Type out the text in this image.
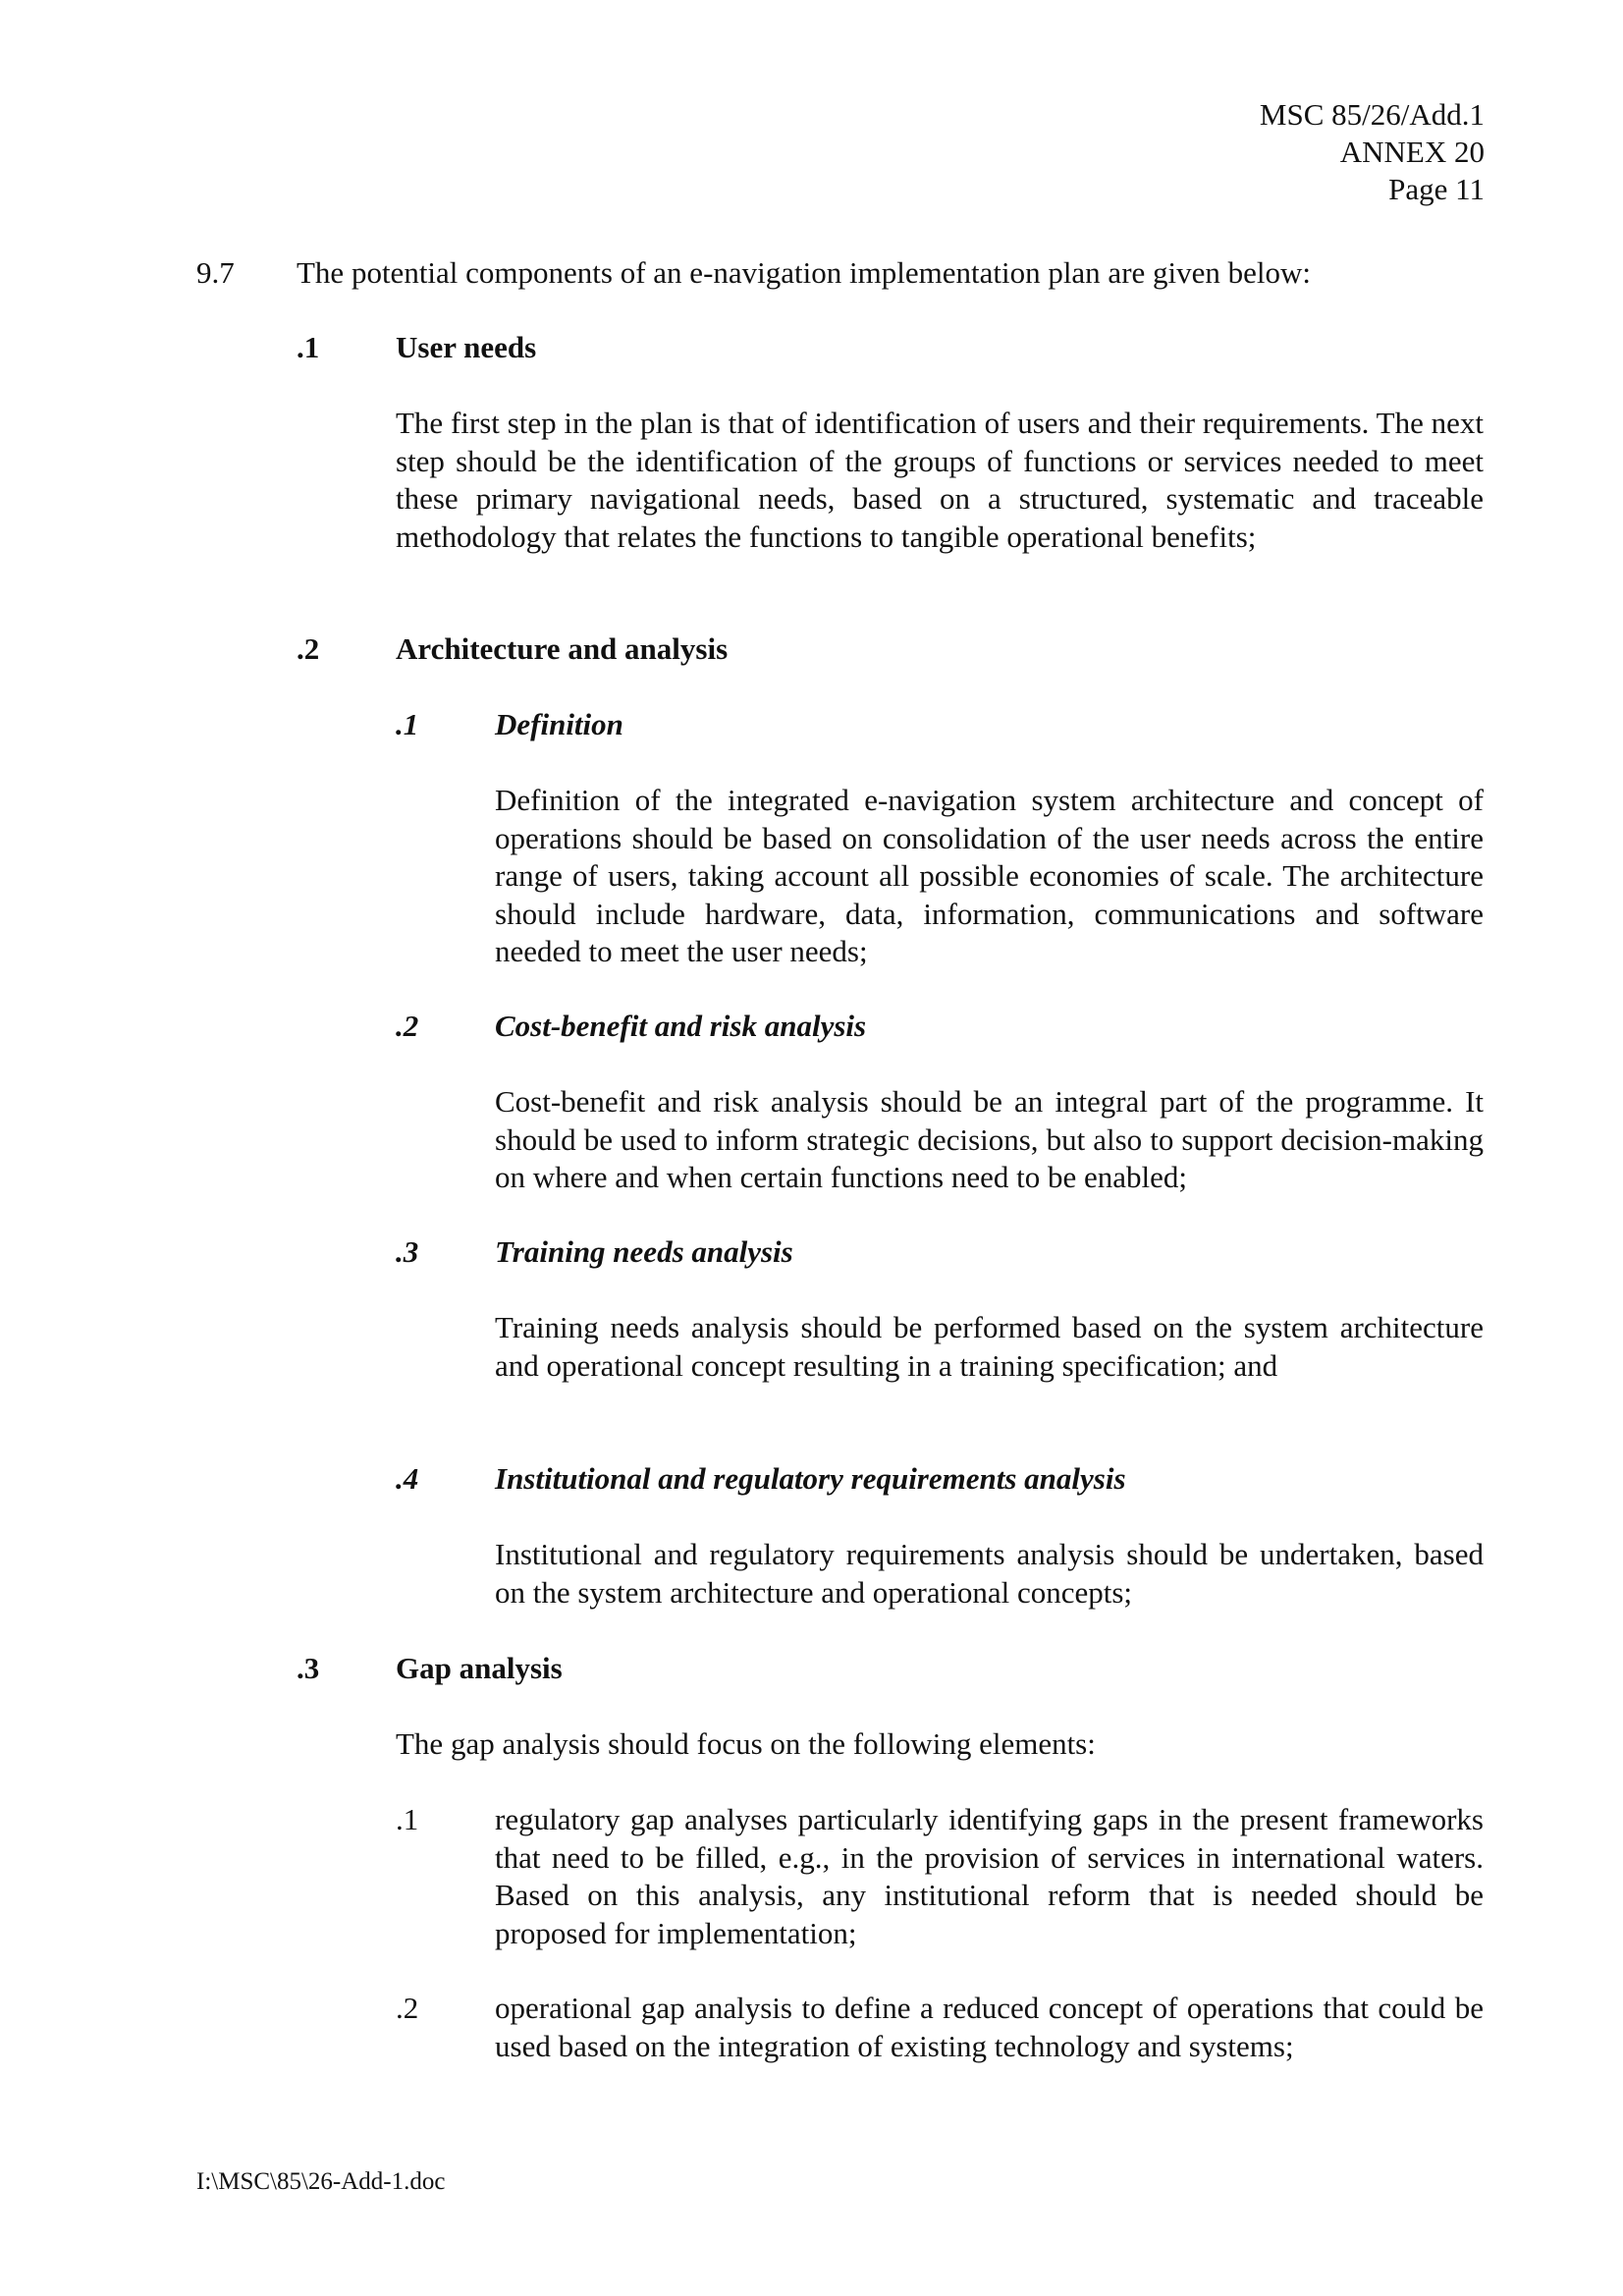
MSC 85/26/Add.1
ANNEX 20
Page 11
9.7 The potential components of an e-navigation implementation plan are given below:
.1	User needs
The first step in the plan is that of identification of users and their requirements. The next step should be the identification of the groups of functions or services needed to meet these primary navigational needs, based on a structured, systematic and traceable methodology that relates the functions to tangible operational benefits;
.2	Architecture and analysis
.1	Definition
Definition of the integrated e-navigation system architecture and concept of operations should be based on consolidation of the user needs across the entire range of users, taking account all possible economies of scale. The architecture should include hardware, data, information, communications and software needed to meet the user needs;
.2	Cost-benefit and risk analysis
Cost-benefit and risk analysis should be an integral part of the programme. It should be used to inform strategic decisions, but also to support decision-making on where and when certain functions need to be enabled;
.3	Training needs analysis
Training needs analysis should be performed based on the system architecture and operational concept resulting in a training specification; and
.4	Institutional and regulatory requirements analysis
Institutional and regulatory requirements analysis should be undertaken, based on the system architecture and operational concepts;
.3	Gap analysis
The gap analysis should focus on the following elements:
.1	regulatory gap analyses particularly identifying gaps in the present frameworks that need to be filled, e.g., in the provision of services in international waters. Based on this analysis, any institutional reform that is needed should be proposed for implementation;
.2	operational gap analysis to define a reduced concept of operations that could be used based on the integration of existing technology and systems;
I:\MSC\85\26-Add-1.doc
